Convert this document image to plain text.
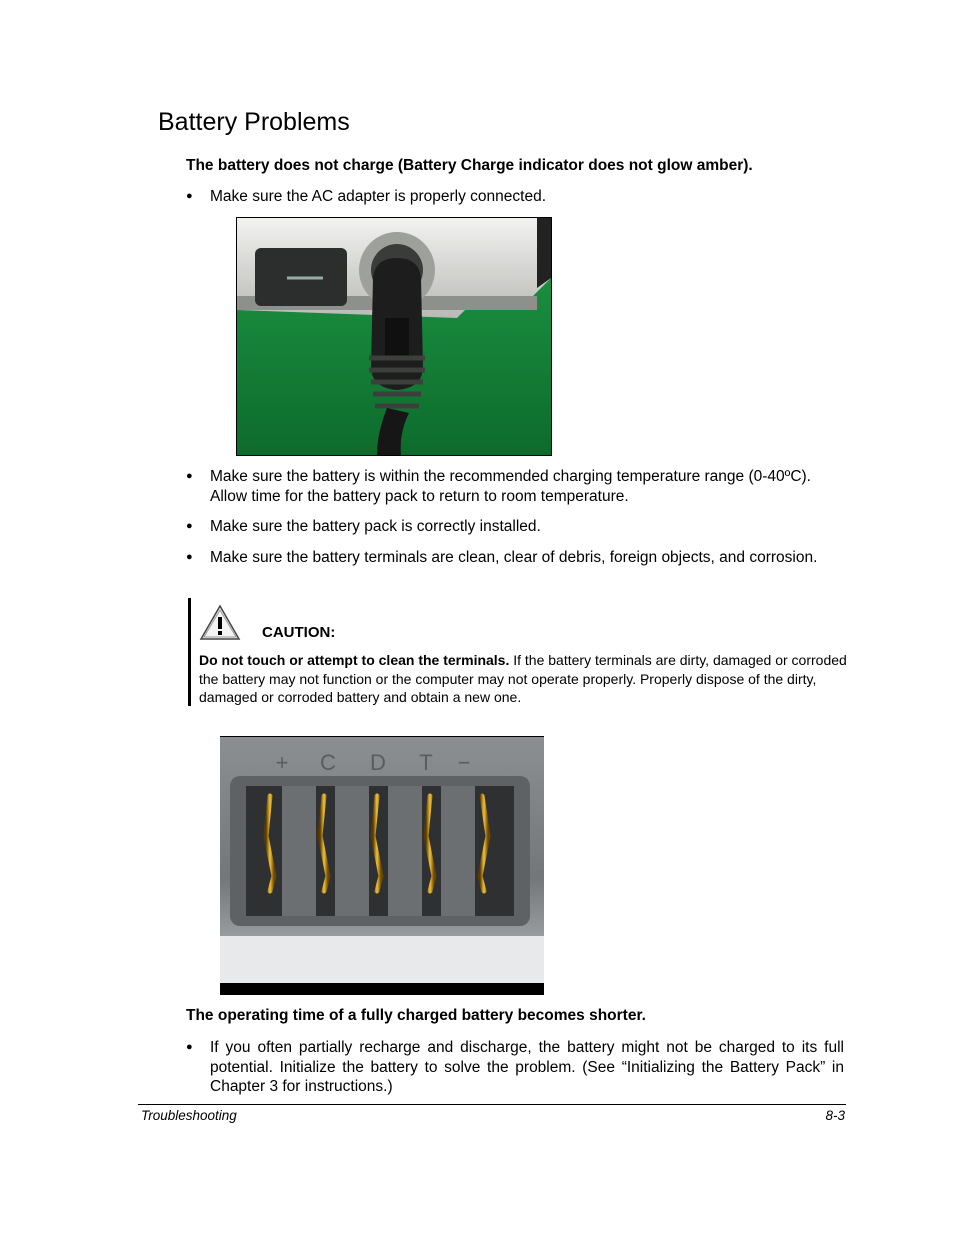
Battery Problems

The battery does not charge (Battery Charge indicator does not glow amber).

●	Make sure the AC adapter is properly connected.
●	Make sure the battery is within the recommended charging temperature range (0-40ºC). Allow time for the battery pack to return to room temperature.
●	Make sure the battery pack is correctly installed.
●	Make sure the battery terminals are clean, clear of debris, foreign objects, and corrosion.
CAUTION:
Do not touch or attempt to clean the terminals. If the battery terminals are dirty, damaged or corroded the battery may not function or the computer may not operate properly. Properly dispose of the dirty, damaged or corroded battery and obtain a new one.
+ C D T −

The operating time of a fully charged battery becomes shorter.

●	If you often partially recharge and discharge, the battery might not be charged to its full potential. Initialize the battery to solve the problem. (See “Initializing the Battery Pack” in Chapter 3 for instructions.)
Troubleshooting	8-3
